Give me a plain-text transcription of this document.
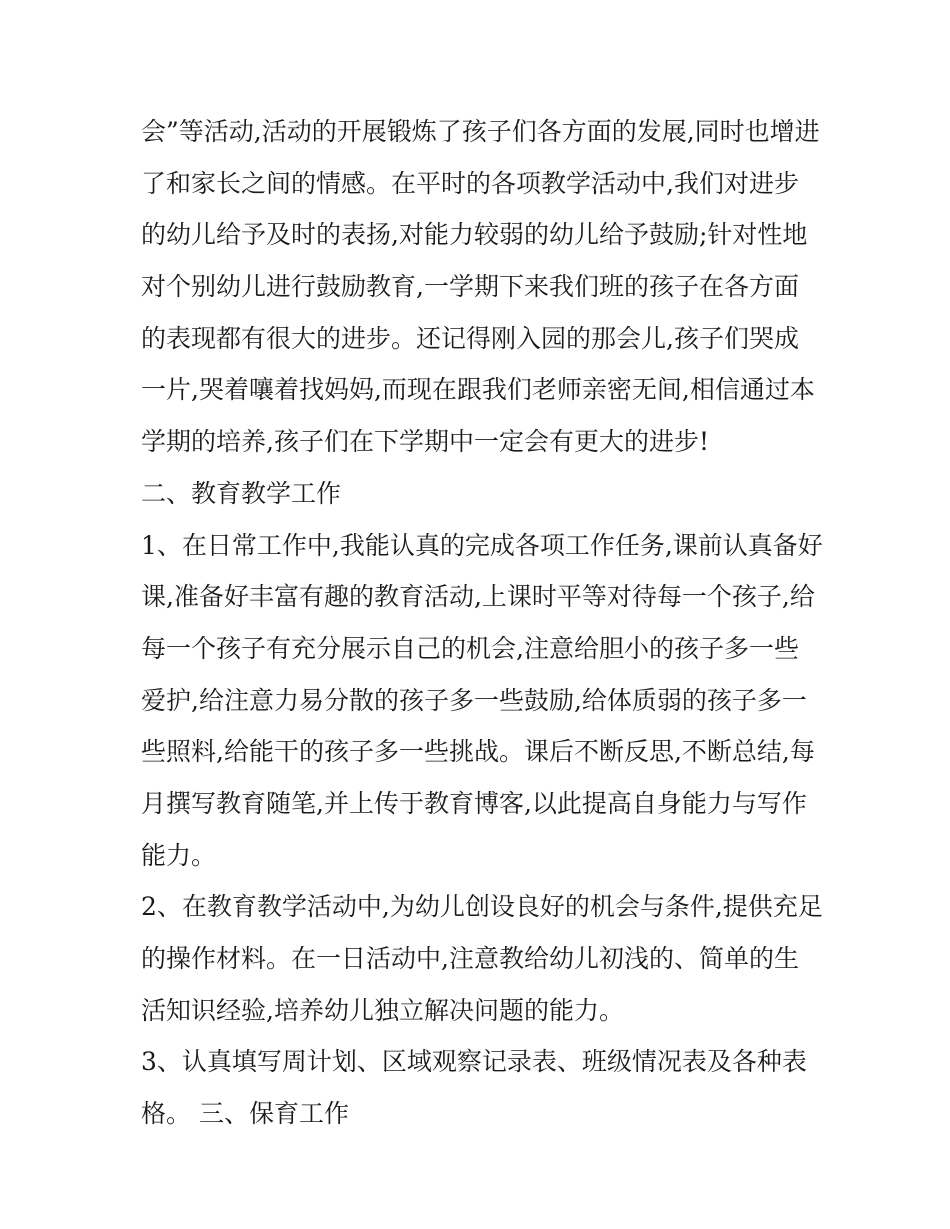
会”等活动,活动的开展锻炼了孩子们各方面的发展,同时也增进
了和家长之间的情感。在平时的各项教学活动中,我们对进步
的幼儿给予及时的表扬,对能力较弱的幼儿给予鼓励;针对性地
对个别幼儿进行鼓励教育,一学期下来我们班的孩子在各方面
的表现都有很大的进步。还记得刚入园的那会儿,孩子们哭成
一片,哭着嚷着找妈妈,而现在跟我们老师亲密无间,相信通过本
学期的培养,孩子们在下学期中一定会有更大的进步!
二、教育教学工作
1、在日常工作中,我能认真的完成各项工作任务,课前认真备好
课,准备好丰富有趣的教育活动,上课时平等对待每一个孩子,给
每一个孩子有充分展示自己的机会,注意给胆小的孩子多一些
爱护,给注意力易分散的孩子多一些鼓励,给体质弱的孩子多一
些照料,给能干的孩子多一些挑战。课后不断反思,不断总结,每
月撰写教育随笔,并上传于教育博客,以此提高自身能力与写作
能力。
2、在教育教学活动中,为幼儿创设良好的机会与条件,提供充足
的操作材料。在一日活动中,注意教给幼儿初浅的、简单的生
活知识经验,培养幼儿独立解决问题的能力。
3、认真填写周计划、区域观察记录表、班级情况表及各种表
格。 三、保育工作
